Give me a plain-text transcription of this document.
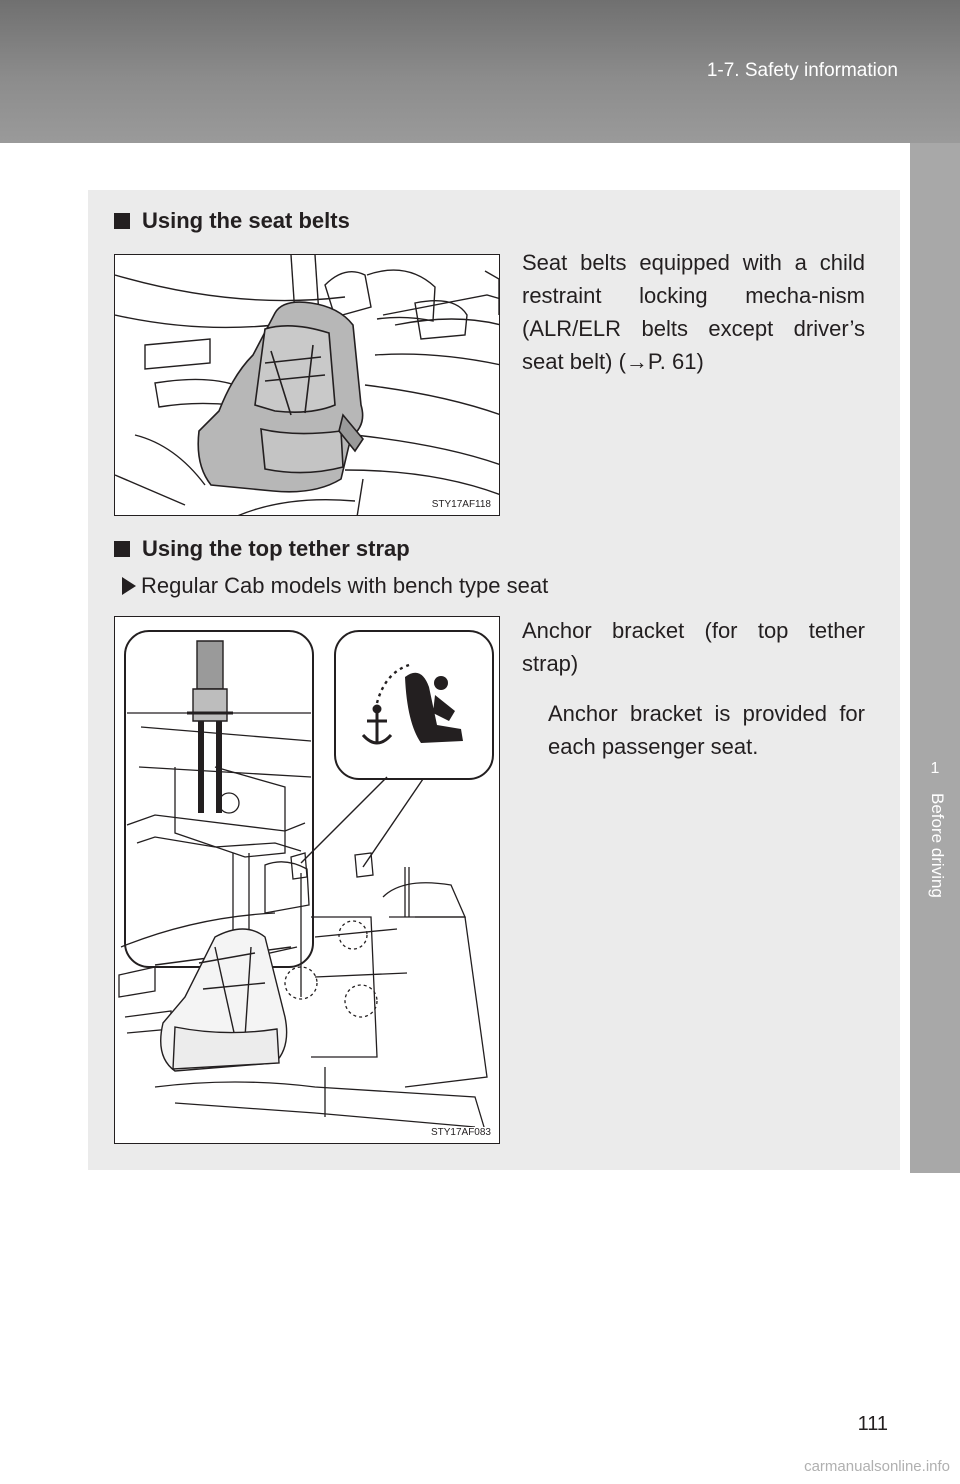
1-7. Safety information
1
Before driving
Using the seat belts
STY17AF118
Seat belts equipped with a child restraint locking mecha-nism (ALR/ELR belts except driver’s seat belt) (→P. 61)
Using the top tether strap
Regular Cab models with bench type seat
STY17AF083
Anchor bracket (for top tether strap)
Anchor bracket is provided for each passenger seat.
111
carmanualsonline.info
